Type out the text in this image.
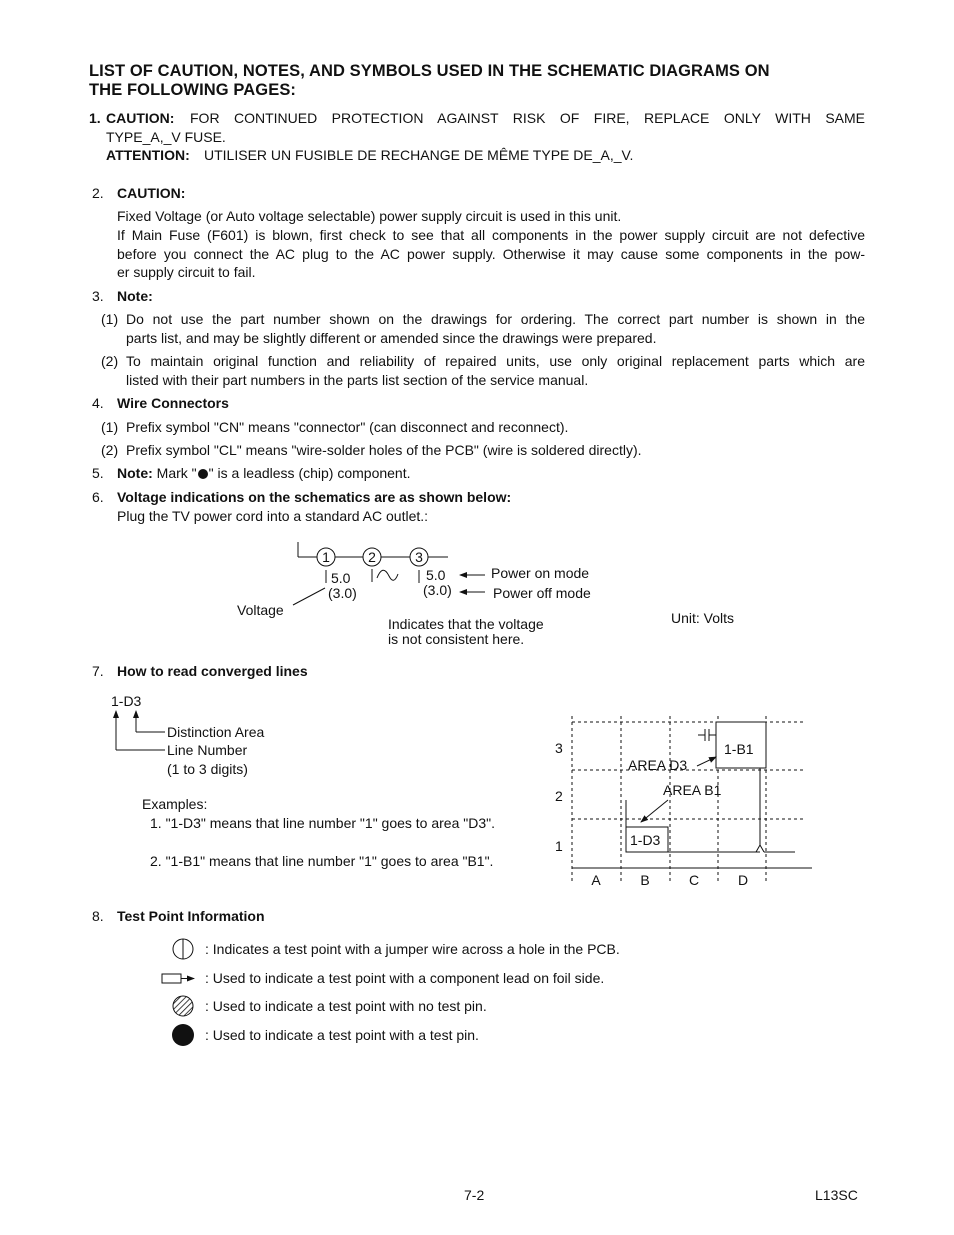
LIST OF CAUTION, NOTES, AND SYMBOLS USED IN THE SCHEMATIC DIAGRAMS ON
THE FOLLOWING PAGES:
1. CAUTION: FOR CONTINUED PROTECTION AGAINST RISK OF FIRE, REPLACE ONLY WITH SAME
TYPE_A,_V FUSE.
ATTENTION: UTILISER UN FUSIBLE DE RECHANGE DE MÊME TYPE DE_A,_V.
2. CAUTION:
Fixed Voltage (or Auto voltage selectable) power supply circuit is used in this unit.
If Main Fuse (F601) is blown, first check to see that all components in the power supply circuit are not defective
before you connect the AC plug to the AC power supply. Otherwise it may cause some components in the pow-
er supply circuit to fail.
3. Note:
(1) Do not use the part number shown on the drawings for ordering. The correct part number is shown in the
parts list, and may be slightly different or amended since the drawings were prepared.
(2) To maintain original function and reliability of repaired units, use only original replacement parts which are
listed with their part numbers in the parts list section of the service manual.
4. Wire Connectors
(1) Prefix symbol "CN" means "connector" (can disconnect and reconnect).
(2) Prefix symbol "CL" means "wire-solder holes of the PCB" (wire is soldered directly).
5. Note: Mark " " is a leadless (chip) component.
6. Voltage indications on the schematics are as shown below:
Plug the TV power cord into a standard AC outlet.:
7. How to read converged lines
8. Test Point Information
1	2	3
5.0
(3.0)
5.0
(3.0)
Power on mode
Power off mode
Voltage
Indicates that the voltage
is not consistent here.
Unit: Volts
1-D3
Distinction Area
Line Number
(1 to 3 digits)
Examples:
1. "1-D3" means that line number "1" goes to area "D3".
2. "1-B1" means that line number "1" goes to area "B1".
3
2
1
A	B	C	D
1-B1
AREA D3
AREA B1
1-D3
: Indicates a test point with a jumper wire across a hole in the PCB.
: Used to indicate a test point with a component lead on foil side.
: Used to indicate a test point with no test pin.
: Used to indicate a test point with a test pin.
7-2	L13SC
